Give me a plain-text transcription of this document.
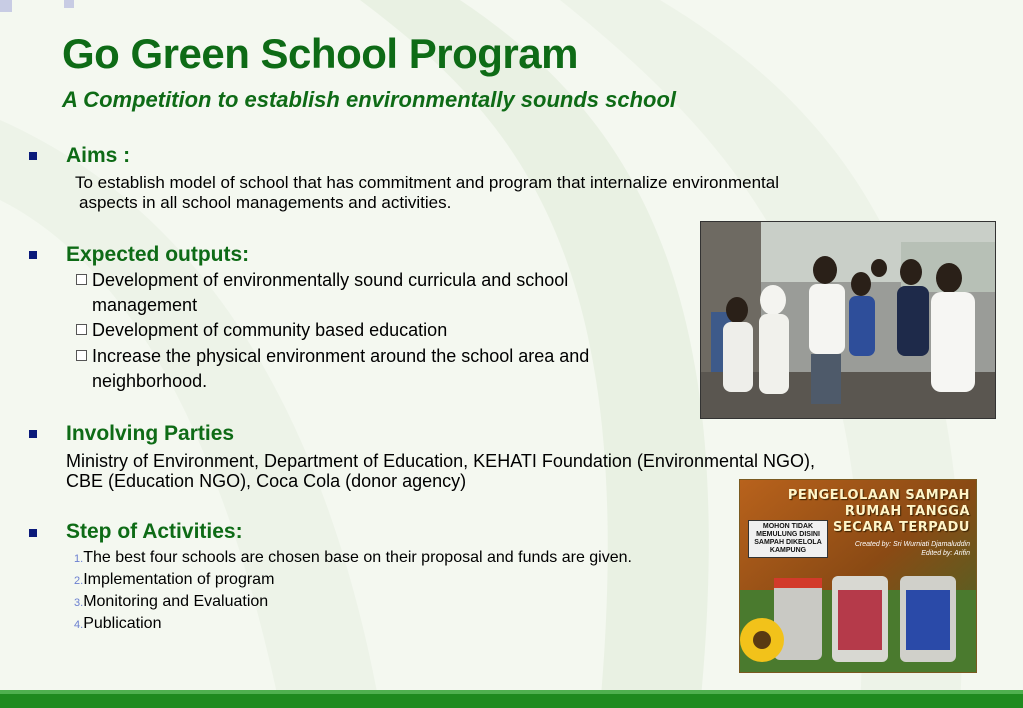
Go Green School Program
A Competition to establish environmentally sounds school
Aims :
To establish model of school that has commitment and program that internalize environmental
aspects in all school managements and activities.
Expected outputs:
Development of environmentally sound curricula and school
management
Development of community based education
Increase the physical environment around the school area and
neighborhood.
Involving Parties
Ministry of Environment, Department of Education, KEHATI Foundation (Environmental NGO),
CBE (Education NGO), Coca Cola (donor agency)
Step of Activities:
1.The best four schools are chosen base on their proposal and funds are given.
2.Implementation of program
3.Monitoring and Evaluation
4.Publication
PENGELOLAAN SAMPAH
RUMAH TANGGA
SECARA TERPADU
Created by: Sri Wurniati Djamaluddin
Edited by: Arifin
MOHON TIDAK MEMULUNG DISINI SAMPAH DIKELOLA KAMPUNG
